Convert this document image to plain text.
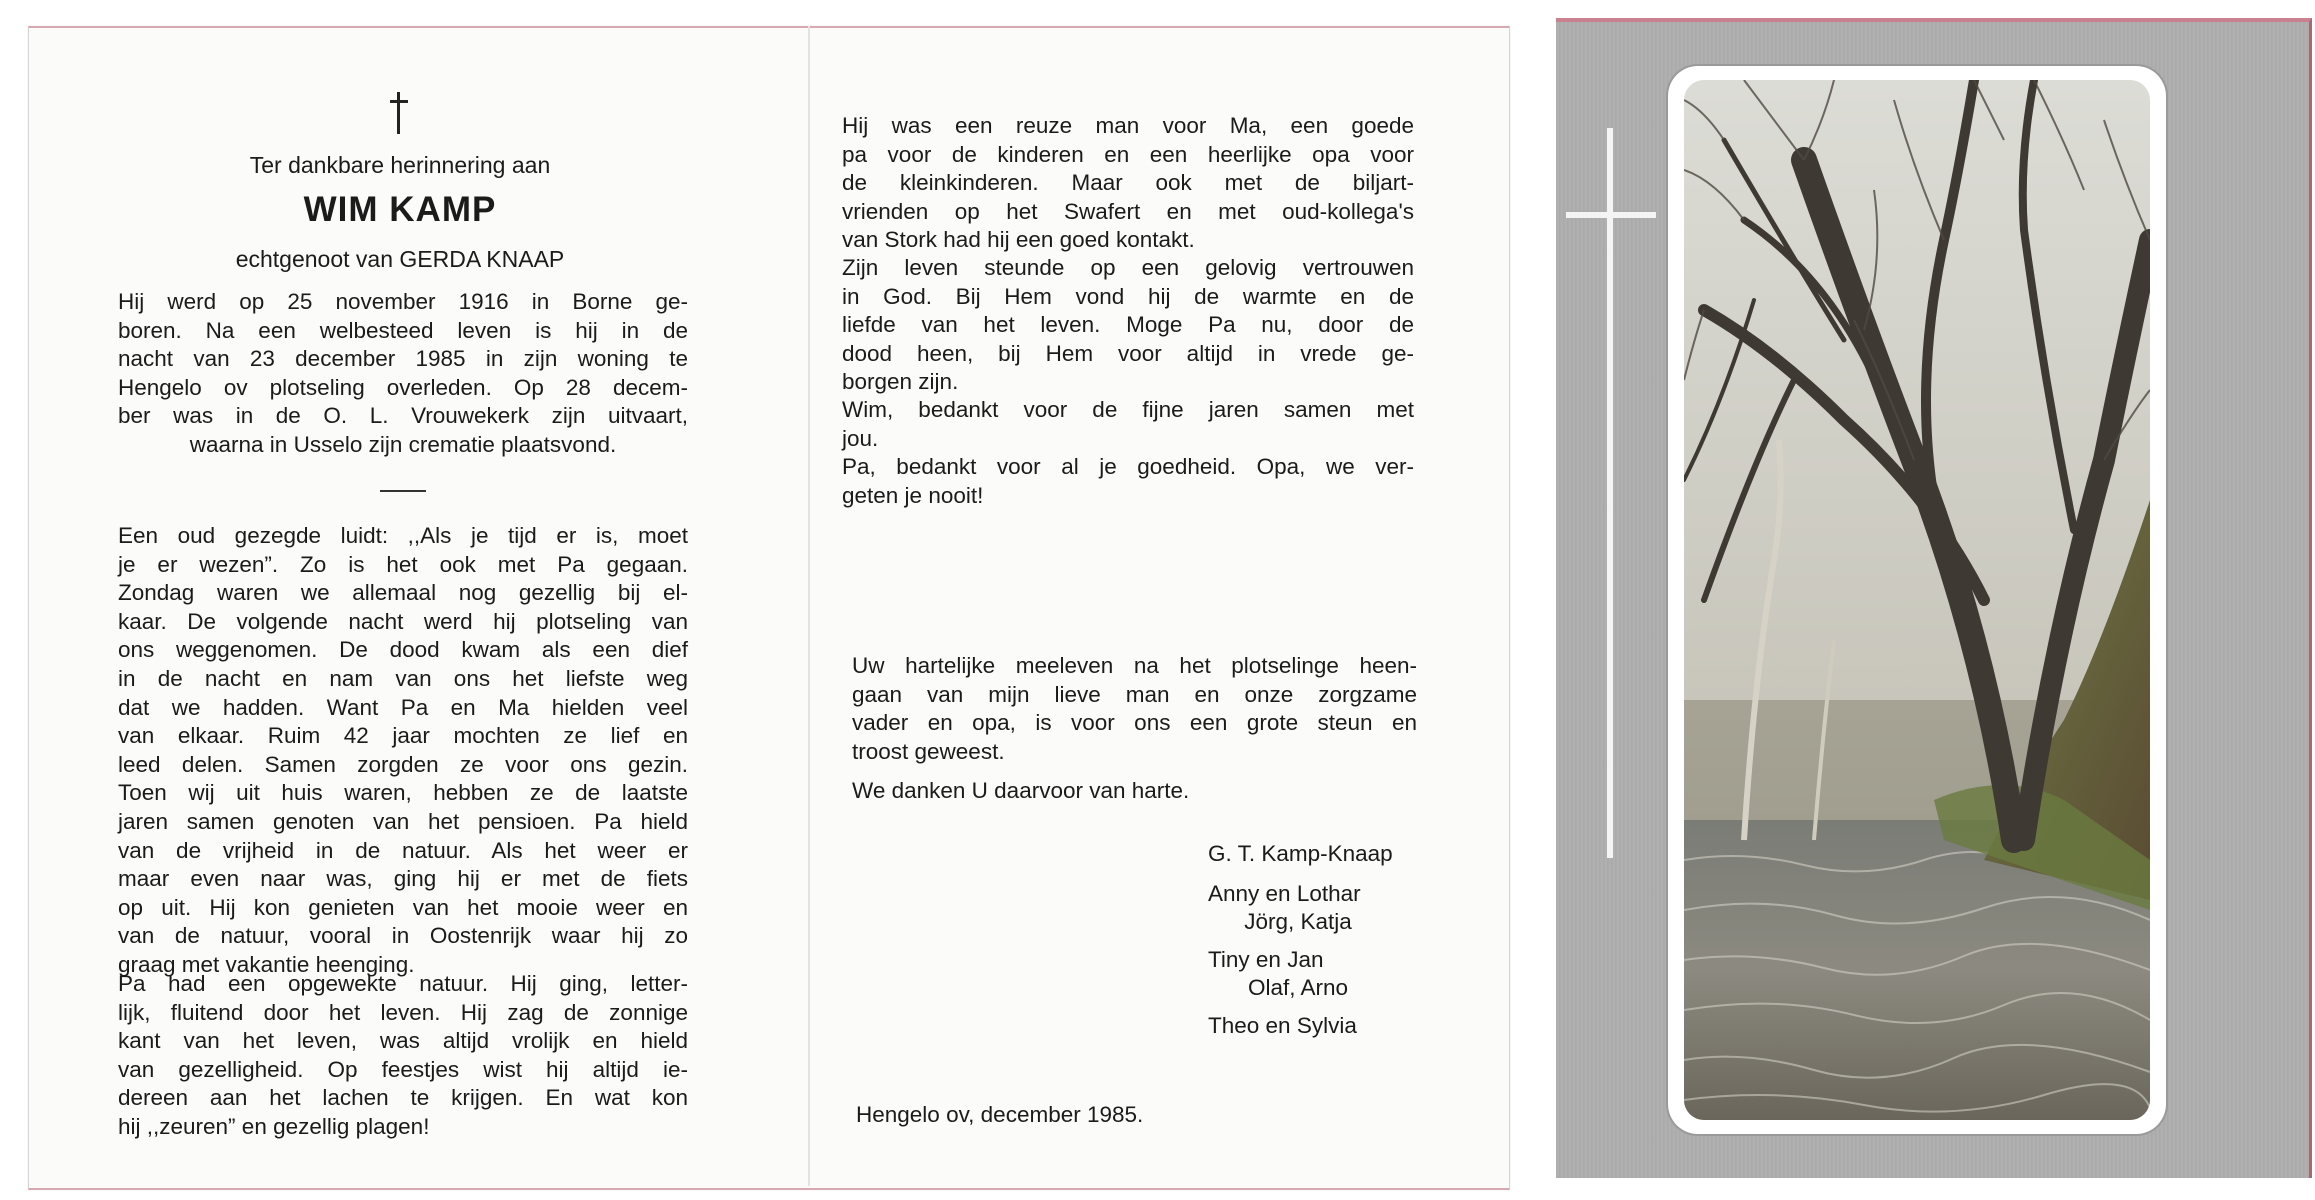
Ter dankbare herinnering aan
WIM KAMP
echtgenoot van GERDA KNAAP
Hij werd op 25 november 1916 in Borne ge-
boren. Na een welbesteed leven is hij in de
nacht van 23 december 1985 in zijn woning te
Hengelo ov plotseling overleden. Op 28 decem-
ber was in de O. L. Vrouwekerk zijn uitvaart,
waarna in Usselo zijn crematie plaatsvond.
Een oud gezegde luidt: ,,Als je tijd er is, moet
je er wezen”. Zo is het ook met Pa gegaan.
Zondag waren we allemaal nog gezellig bij el-
kaar. De volgende nacht werd hij plotseling van
ons weggenomen. De dood kwam als een dief
in de nacht en nam van ons het liefste weg
dat we hadden. Want Pa en Ma hielden veel
van elkaar. Ruim 42 jaar mochten ze lief en
leed delen. Samen zorgden ze voor ons gezin.
Toen wij uit huis waren, hebben ze de laatste
jaren samen genoten van het pensioen. Pa hield
van de vrijheid in de natuur. Als het weer er
maar even naar was, ging hij er met de fiets
op uit. Hij kon genieten van het mooie weer en
van de natuur, vooral in Oostenrijk waar hij zo
graag met vakantie heenging.
Pa had een opgewekte natuur. Hij ging, letter-
lijk, fluitend door het leven. Hij zag de zonnige
kant van het leven, was altijd vrolijk en hield
van gezelligheid. Op feestjes wist hij altijd ie-
dereen aan het lachen te krijgen. En wat kon
hij ,,zeuren” en gezellig plagen!
Hij was een reuze man voor Ma, een goede
pa voor de kinderen en een heerlijke opa voor
de kleinkinderen. Maar ook met de biljart-
vrienden op het Swafert en met oud-kollega's
van Stork had hij een goed kontakt.
Zijn leven steunde op een gelovig vertrouwen
in God. Bij Hem vond hij de warmte en de
liefde van het leven. Moge Pa nu, door de
dood heen, bij Hem voor altijd in vrede ge-
borgen zijn.
Wim, bedankt voor de fijne jaren samen met
jou.
Pa, bedankt voor al je goedheid. Opa, we ver-
geten je nooit!
Uw hartelijke meeleven na het plotselinge heen-
gaan van mijn lieve man en onze zorgzame
vader en opa, is voor ons een grote steun en
troost geweest.
We danken U daarvoor van harte.
G. T. Kamp-Knaap
Anny en Lothar
Jörg, Katja
Tiny en Jan
Olaf, Arno
Theo en Sylvia
Hengelo ov, december 1985.
